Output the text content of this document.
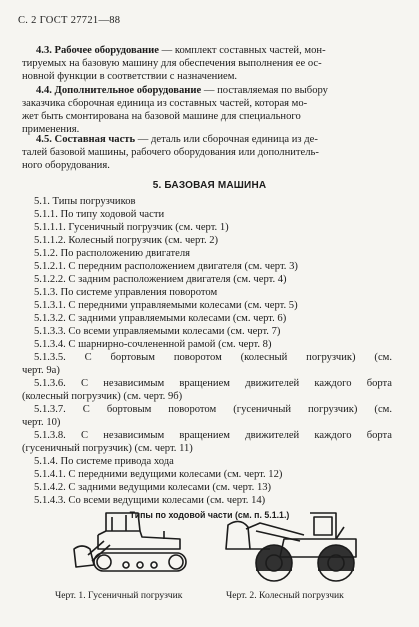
С. 2 ГОСТ 27721—88
4.3. Рабочее оборудование — комплект составных частей, мон-
тируемых на базовую машину для обеспечения выполнения ее ос-
новной функции в соответствии с назначением.
4.4. Дополнительное оборудование — поставляемая по выбору
заказчика сборочная единица из составных частей, которая мо-
жет быть смонтирована на базовой машине для специального
применения.
4.5. Составная часть — деталь или сборочная единица из де-
талей базовой машины, рабочего оборудования или дополнитель-
ного оборудования.
5. БАЗОВАЯ МАШИНА
5.1. Типы погрузчиков
5.1.1. По типу ходовой части
5.1.1.1. Гусеничный погрузчик (см. черт. 1)
5.1.1.2. Колесный погрузчик (см. черт. 2)
5.1.2. По расположению двигателя
5.1.2.1. С передним расположением двигателя (см. черт. 3)
5.1.2.2. С задним расположением двигателя (см. черт. 4)
5.1.3. По системе управления поворотом
5.1.3.1. С передними управляемыми колесами (см. черт. 5)
5.1.3.2. С задними управляемыми колесами (см. черт. 6)
5.1.3.3. Со всеми управляемыми колесами (см. черт. 7)
5.1.3.4. С шарнирно-сочлененной рамой (см. черт. 8)
5.1.3.5. С бортовым поворотом (колесный погрузчик) (см.
черт. 9а)
5.1.3.6. С независимым вращением движителей каждого борта
(колесный погрузчик) (см. черт. 9б)
5.1.3.7. С бортовым поворотом (гусеничный погрузчик) (см.
черт. 10)
5.1.3.8. С независимым вращением движителей каждого борта
(гусеничный погрузчик) (см. черт. 11)
5.1.4. По системе привода хода
5.1.4.1. С передними ведущими колесами (см. черт. 12)
5.1.4.2. С задними ведущими колесами (см. черт. 13)
5.1.4.3. Со всеми ведущими колесами (см. черт. 14)
Типы по ходовой части (см. п. 5.1.1.)
Черт. 1. Гусеничный погрузчик	Черт. 2. Колесный погрузчик
